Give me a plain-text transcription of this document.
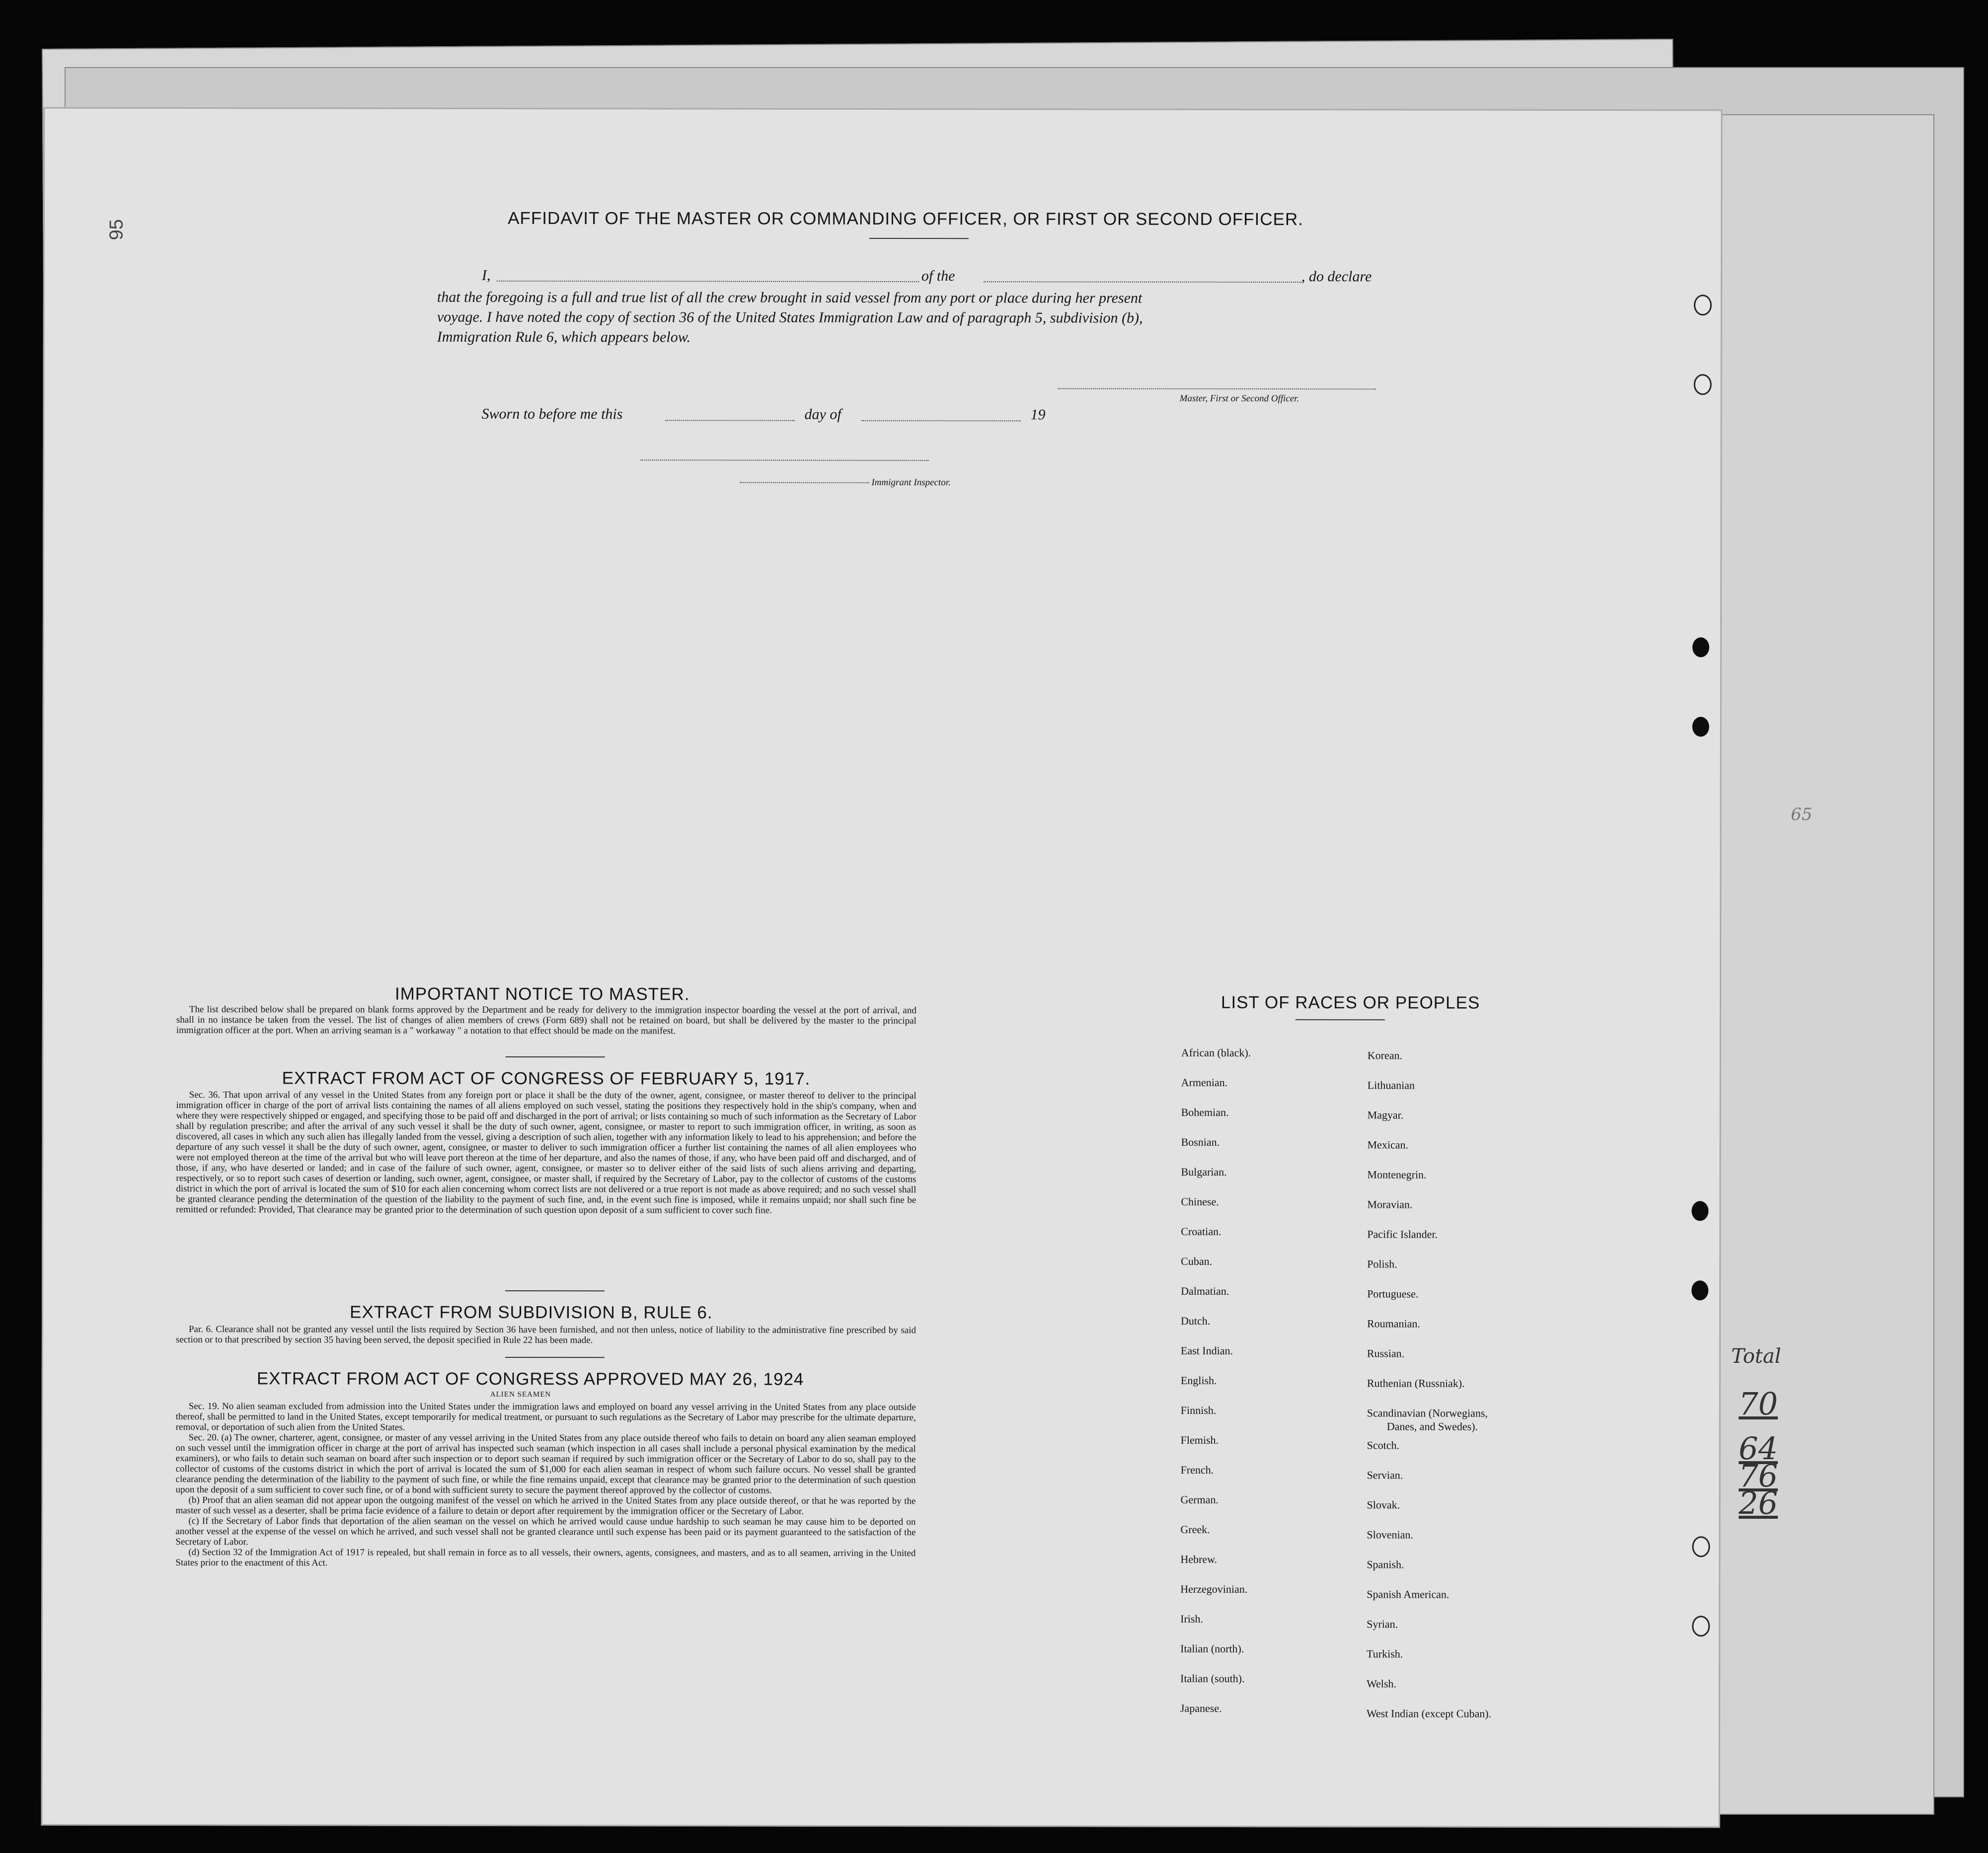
Total
70
64
76
26
65
95
AFFIDAVIT OF THE MASTER OR COMMANDING OFFICER, OR FIRST OR SECOND OFFICER.
I,	of the	, do declare
that the foregoing is a full and true list of all the crew brought in said vessel from any port or place during her present
voyage. I have noted the copy of section 36 of the United States Immigration Law and of paragraph 5, subdivision (b),
Immigration Rule 6, which appears below.
Master, First or Second Officer.
Sworn to before me this	day of	19
Immigrant Inspector.
IMPORTANT NOTICE TO MASTER.

The list described below shall be prepared on blank forms approved by the Department and be ready for delivery to the immigration inspector boarding the vessel at the port of arrival, and shall in no instance be taken from the vessel. The list of changes of alien members of crews (Form 689) shall not be retained on board, but shall be delivered by the master to the principal immigration officer at the port. When an arriving seaman is a " workaway " a notation to that effect should be made on the manifest.

EXTRACT FROM ACT OF CONGRESS OF FEBRUARY 5, 1917.

Sec. 36. That upon arrival of any vessel in the United States from any foreign port or place it shall be the duty of the owner, agent, consignee, or master thereof to deliver to the principal immigration officer in charge of the port of arrival lists containing the names of all aliens employed on such vessel, stating the positions they respectively hold in the ship's company, when and where they were respectively shipped or engaged, and specifying those to be paid off and discharged in the port of arrival; or lists containing so much of such information as the Secretary of Labor shall by regulation prescribe; and after the arrival of any such vessel it shall be the duty of such owner, agent, consignee, or master to report to such immigration officer, in writing, as soon as discovered, all cases in which any such alien has illegally landed from the vessel, giving a description of such alien, together with any information likely to lead to his apprehension; and before the departure of any such vessel it shall be the duty of such owner, agent, consignee, or master to deliver to such immigration officer a further list containing the names of all alien employees who were not employed thereon at the time of the arrival but who will leave port thereon at the time of her departure, and also the names of those, if any, who have been paid off and discharged, and of those, if any, who have deserted or landed; and in case of the failure of such owner, agent, consignee, or master so to deliver either of the said lists of such aliens arriving and departing, respectively, or so to report such cases of desertion or landing, such owner, agent, consignee, or master shall, if required by the Secretary of Labor, pay to the collector of customs of the customs district in which the port of arrival is located the sum of $10 for each alien concerning whom correct lists are not delivered or a true report is not made as above required; and no such vessel shall be granted clearance pending the determination of the question of the liability to the payment of such fine, and, in the event such fine is imposed, while it remains unpaid; nor shall such fine be remitted or refunded: Provided, That clearance may be granted prior to the determination of such question upon deposit of a sum sufficient to cover such fine.

EXTRACT FROM SUBDIVISION B, RULE 6.

Par. 6. Clearance shall not be granted any vessel until the lists required by Section 36 have been furnished, and not then unless, notice of liability to the administrative fine prescribed by said section or to that prescribed by section 35 having been served, the deposit specified in Rule 22 has been made.

EXTRACT FROM ACT OF CONGRESS APPROVED MAY 26, 1924
ALIEN SEAMEN

Sec. 19. No alien seaman excluded from admission into the United States under the immigration laws and employed on board any vessel arriving in the United States from any place outside thereof, shall be permitted to land in the United States, except temporarily for medical treatment, or pursuant to such regulations as the Secretary of Labor may prescribe for the ultimate departure, removal, or deportation of such alien from the United States.

Sec. 20. (a) The owner, charterer, agent, consignee, or master of any vessel arriving in the United States from any place outside thereof who fails to detain on board any alien seaman employed on such vessel until the immigration officer in charge at the port of arrival has inspected such seaman (which inspection in all cases shall include a personal physical examination by the medical examiners), or who fails to detain such seaman on board after such inspection or to deport such seaman if required by such immigration officer or the Secretary of Labor to do so, shall pay to the collector of customs of the customs district in which the port of arrival is located the sum of $1,000 for each alien seaman in respect of whom such failure occurs. No vessel shall be granted clearance pending the determination of the liability to the payment of such fine, or while the fine remains unpaid, except that clearance may be granted prior to the determination of such question upon the deposit of a sum sufficient to cover such fine, or of a bond with sufficient surety to secure the payment thereof approved by the collector of customs.

(b) Proof that an alien seaman did not appear upon the outgoing manifest of the vessel on which he arrived in the United States from any place outside thereof, or that he was reported by the master of such vessel as a deserter, shall be prima facie evidence of a failure to detain or deport after requirement by the immigration officer or the Secretary of Labor.

(c) If the Secretary of Labor finds that deportation of the alien seaman on the vessel on which he arrived would cause undue hardship to such seaman he may cause him to be deported on another vessel at the expense of the vessel on which he arrived, and such vessel shall not be granted clearance until such expense has been paid or its payment guaranteed to the satisfaction of the Secretary of Labor.

(d) Section 32 of the Immigration Act of 1917 is repealed, but shall remain in force as to all vessels, their owners, agents, consignees, and masters, and as to all seamen, arriving in the United States prior to the enactment of this Act.

LIST OF RACES OR PEOPLES
African (black).
Armenian.
Bohemian.
Bosnian.
Bulgarian.
Chinese.
Croatian.
Cuban.
Dalmatian.
Dutch.
East Indian.
English.
Finnish.
Flemish.
French.
German.
Greek.
Hebrew.
Herzegovinian.
Irish.
Italian (north).
Italian (south).
Japanese.
Korean.
Lithuanian
Magyar.
Mexican.
Montenegrin.
Moravian.
Pacific Islander.
Polish.
Portuguese.
Roumanian.
Russian.
Ruthenian (Russniak).
Scandinavian (Norwegians,
Danes, and Swedes).
Scotch.
Servian.
Slovak.
Slovenian.
Spanish.
Spanish American.
Syrian.
Turkish.
Welsh.
West Indian (except Cuban).
